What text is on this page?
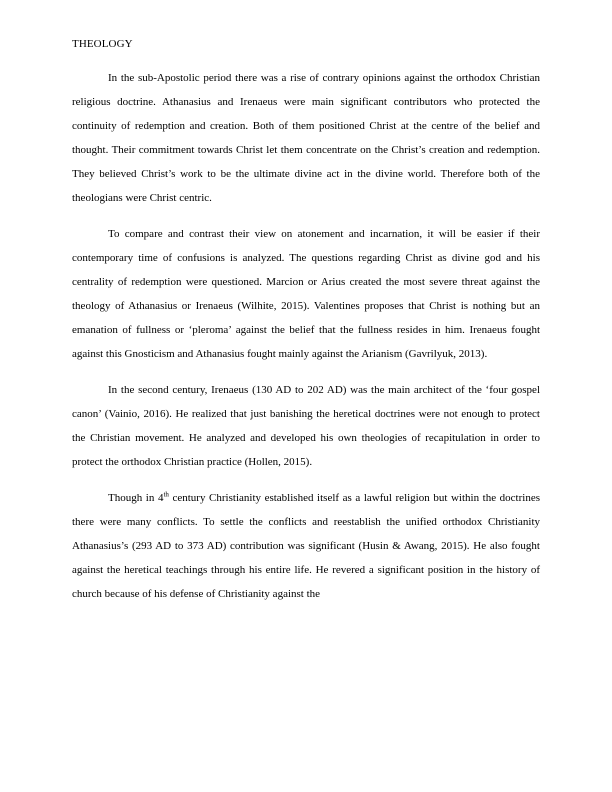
THEOLOGY

In the sub-Apostolic period there was a rise of contrary opinions against the orthodox Christian religious doctrine. Athanasius and Irenaeus were main significant contributors who protected the continuity of redemption and creation. Both of them positioned Christ at the centre of the belief and thought. Their commitment towards Christ let them concentrate on the Christ’s creation and redemption. They believed Christ’s work to be the ultimate divine act in the divine world. Therefore both of the theologians were Christ centric.

To compare and contrast their view on atonement and incarnation, it will be easier if their contemporary time of confusions is analyzed. The questions regarding Christ as divine god and his centrality of redemption were questioned. Marcion or Arius created the most severe threat against the theology of Athanasius or Irenaeus (Wilhite, 2015). Valentines proposes that Christ is nothing but an emanation of fullness or ‘pleroma’ against the belief that the fullness resides in him. Irenaeus fought against this Gnosticism and Athanasius fought mainly against the Arianism (Gavrilyuk, 2013).

In the second century, Irenaeus (130 AD to 202 AD) was the main architect of the ‘four gospel canon’ (Vainio, 2016). He realized that just banishing the heretical doctrines were not enough to protect the Christian movement. He analyzed and developed his own theologies of recapitulation in order to protect the orthodox Christian practice (Hollen, 2015).

Though in 4th century Christianity established itself as a lawful religion but within the doctrines there were many conflicts. To settle the conflicts and reestablish the unified orthodox Christianity Athanasius’s (293 AD to 373 AD) contribution was significant (Husin & Awang, 2015). He also fought against the heretical teachings through his entire life. He revered a significant position in the history of church because of his defense of Christianity against the
